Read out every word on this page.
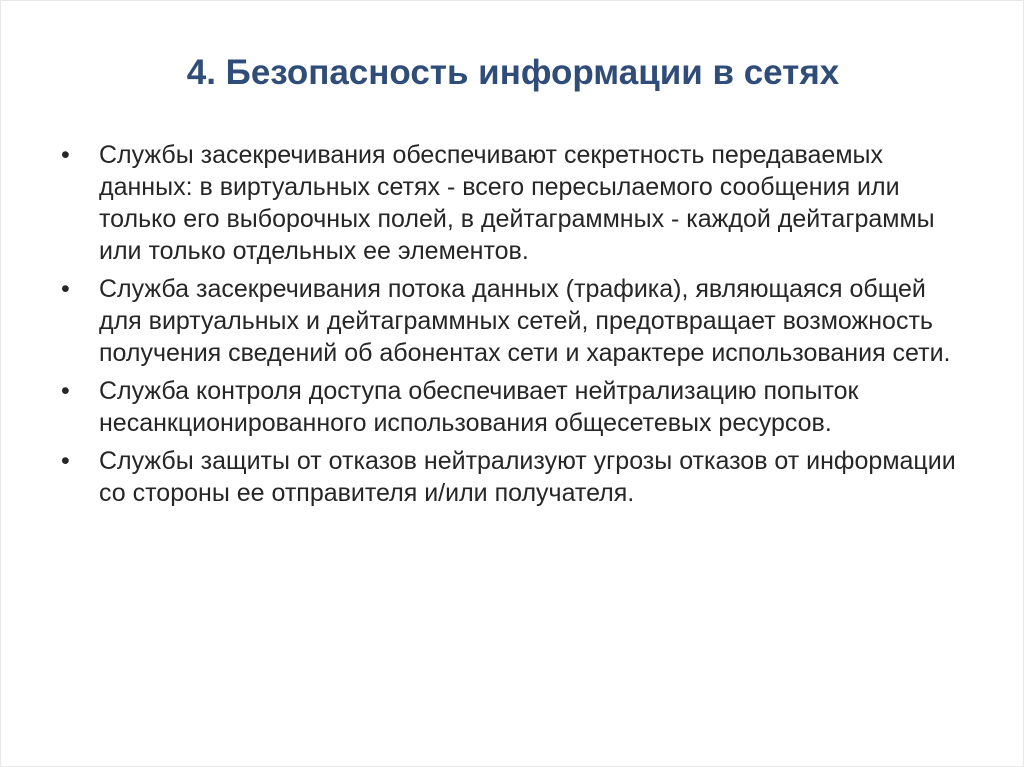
4. Безопасность информации в сетях
•	Службы засекречивания обеспечивают секретность передаваемых данных: в виртуальных сетях - всего пересылаемого сообщения или только его выборочных полей, в дейтаграммных - каждой дейтаграммы или только отдельных ее элементов.
•	Служба засекречивания потока данных (трафика), являющаяся общей для виртуальных и дейтаграммных сетей, предотвращает возможность получения сведений об абонентах сети и характере использования сети.
•	Служба контроля доступа обеспечивает нейтрализацию попыток несанкционированного использования общесетевых ресурсов.
•	Службы защиты от отказов нейтрализуют угрозы отказов от информации со стороны ее отправителя и/или получателя.
